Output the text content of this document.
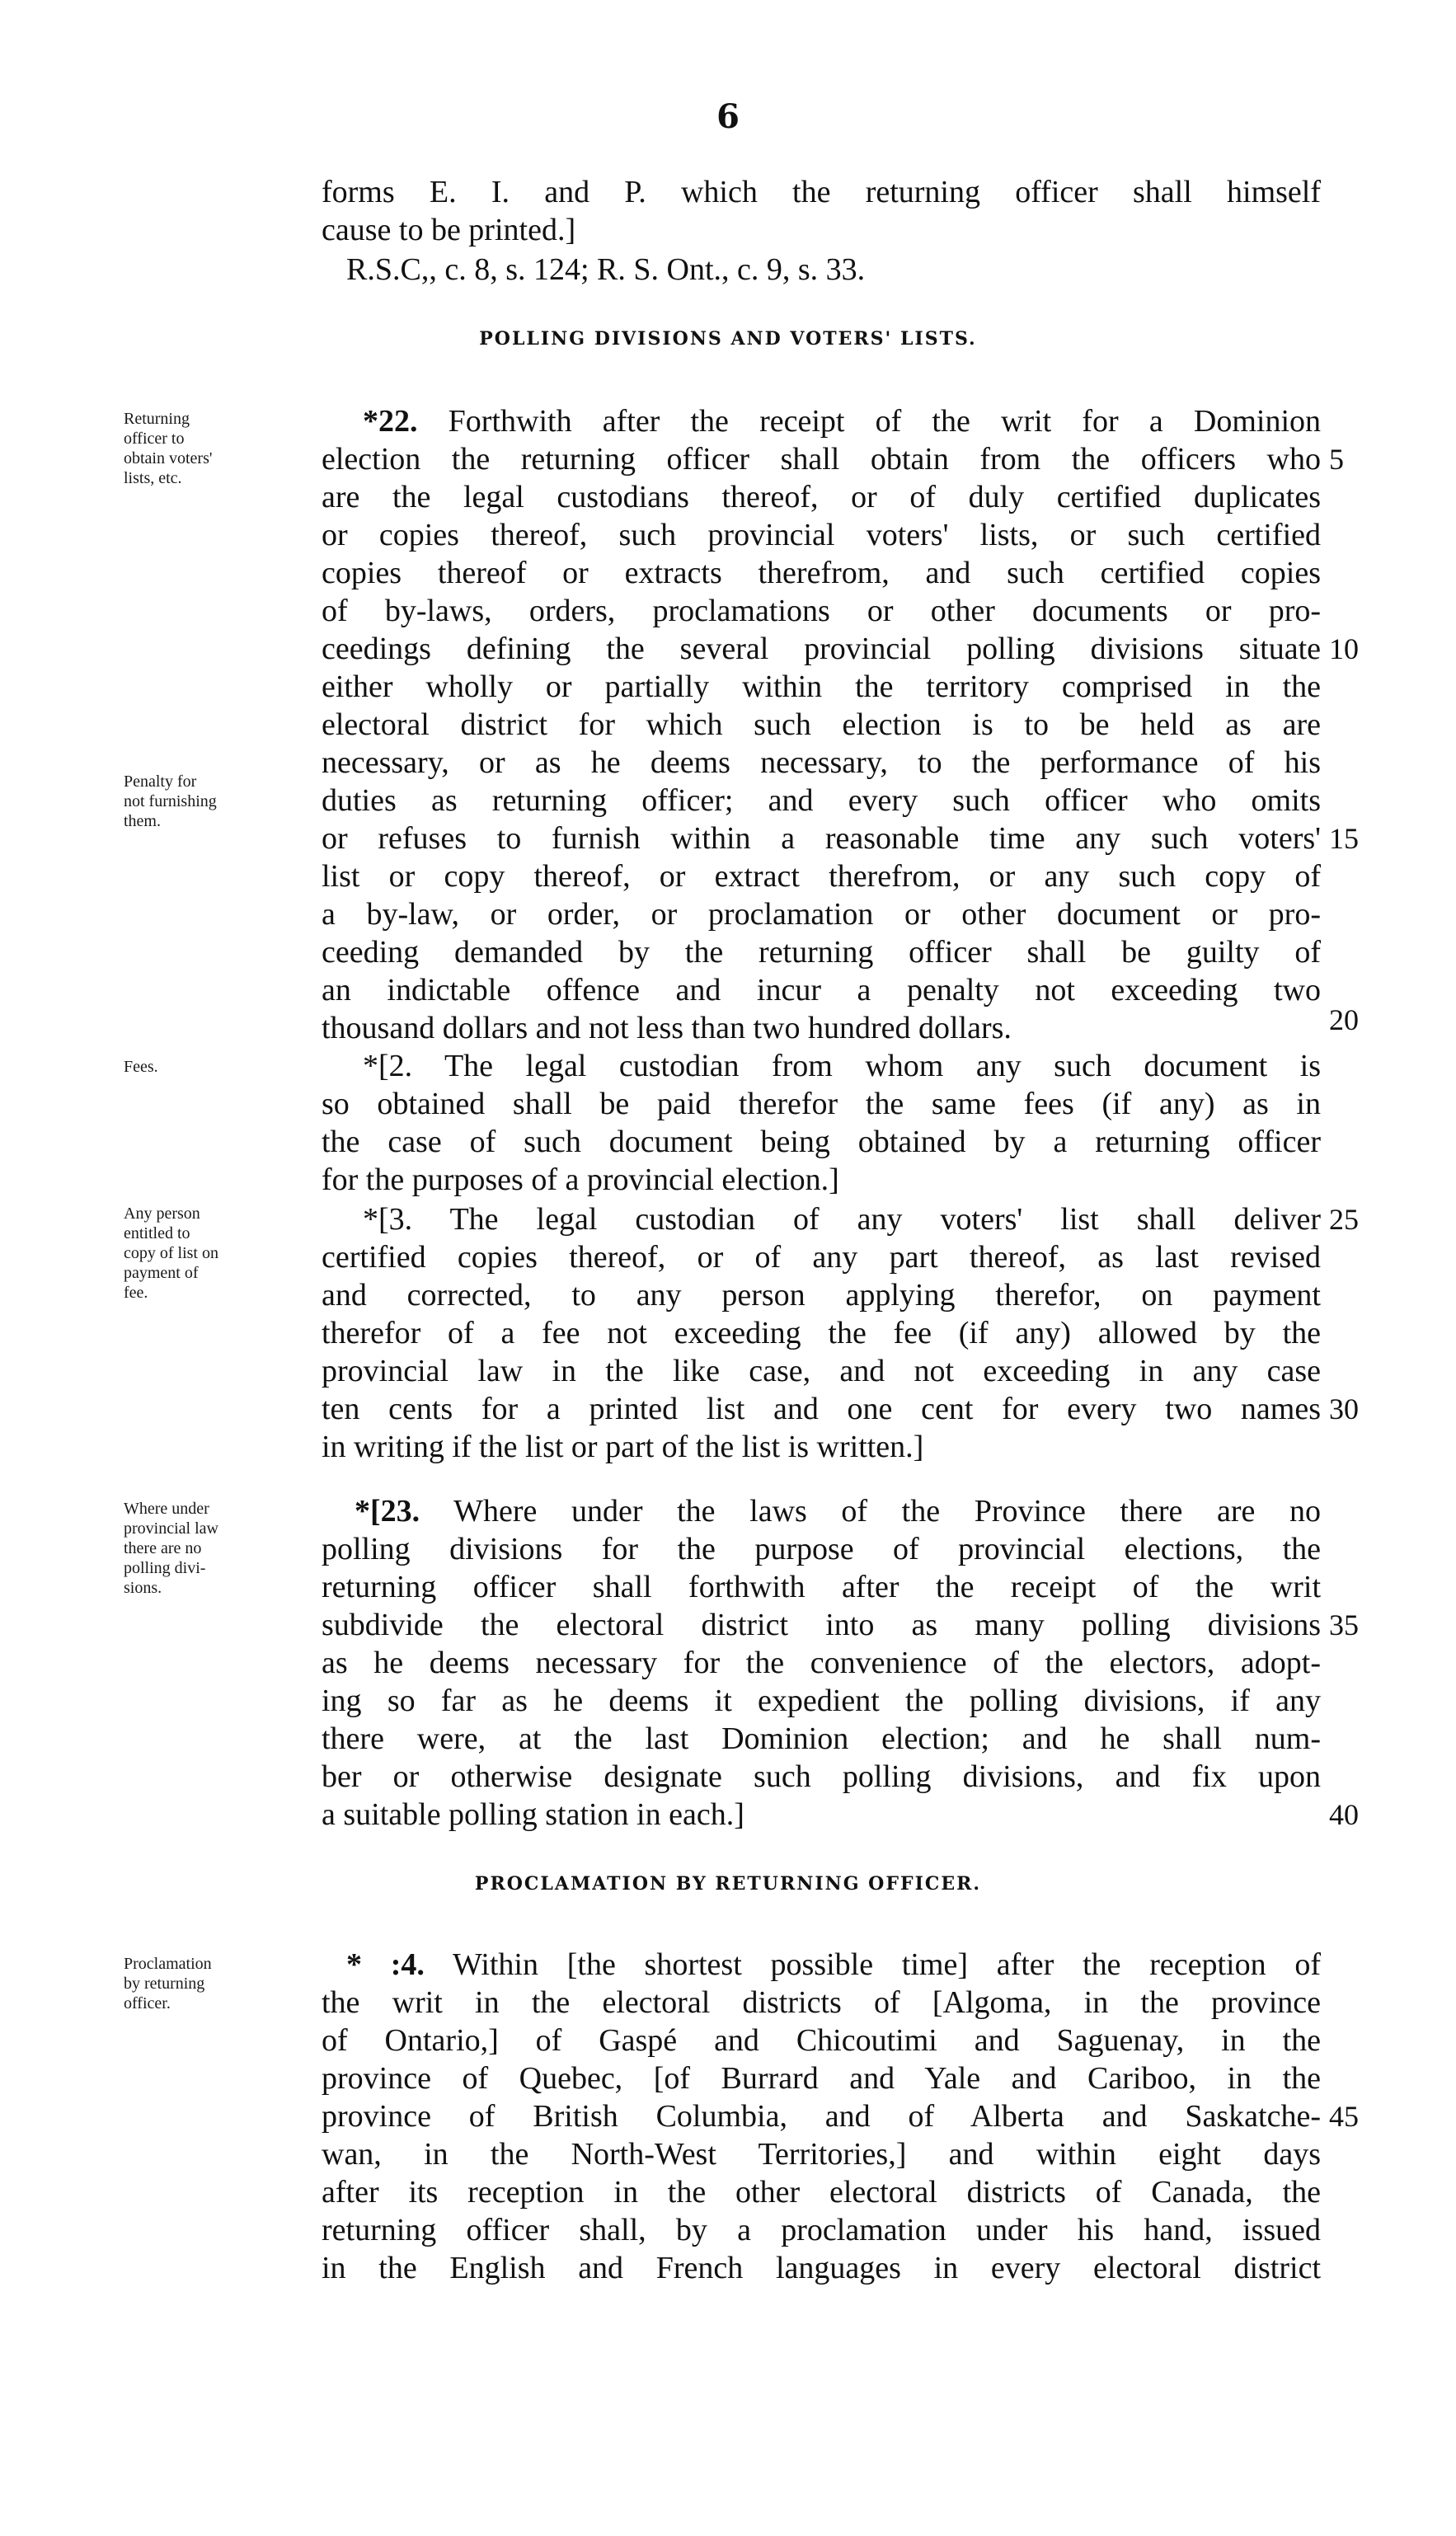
6
forms E. I. and P. which the returning officer shall himself
cause to be printed.]
R.S.C,, c. 8, s. 124; R. S. Ont., c. 9, s. 33.
POLLING DIVISIONS AND VOTERS' LISTS.
*22. Forthwith after the receipt of the writ for a Dominion
election the returning officer shall obtain from the officers who
are the legal custodians thereof, or of duly certified duplicates
or copies thereof, such provincial voters' lists, or such certified
copies thereof or extracts therefrom, and such certified copies
of by-laws, orders, proclamations or other documents or pro-
ceedings defining the several provincial polling divisions situate
either wholly or partially within the territory comprised in the
electoral district for which such election is to be held as are
necessary, or as he deems necessary, to the performance of his
duties as returning officer; and every such officer who omits
or refuses to furnish within a reasonable time any such voters'
list or copy thereof, or extract therefrom, or any such copy of
a by-law, or order, or proclamation or other document or pro-
ceeding demanded by the returning officer shall be guilty of
an indictable offence and incur a penalty not exceeding two
thousand dollars and not less than two hundred dollars.
*[2. The legal custodian from whom any such document is
so obtained shall be paid therefor the same fees (if any) as in
the case of such document being obtained by a returning officer
for the purposes of a provincial election.]
*[3. The legal custodian of any voters' list shall deliver
certified copies thereof, or of any part thereof, as last revised
and corrected, to any person applying therefor, on payment
therefor of a fee not exceeding the fee (if any) allowed by the
provincial law in the like case, and not exceeding in any case
ten cents for a printed list and one cent for every two names
in writing if the list or part of the list is written.]
*[23. Where under the laws of the Province there are no
polling divisions for the purpose of provincial elections, the
returning officer shall forthwith after the receipt of the writ
subdivide the electoral district into as many polling divisions
as he deems necessary for the convenience of the electors, adopt-
ing so far as he deems it expedient the polling divisions, if any
there were, at the last Dominion election; and he shall num-
ber or otherwise designate such polling divisions, and fix upon
a suitable polling station in each.]
PROCLAMATION BY RETURNING OFFICER.
* :4. Within [the shortest possible time] after the reception of
the writ in the electoral districts of [Algoma, in the province
of Ontario,] of Gaspé and Chicoutimi and Saguenay, in the
province of Quebec, [of Burrard and Yale and Cariboo, in the
province of British Columbia, and of Alberta and Saskatche-
wan, in the North-West Territories,] and within eight days
after its reception in the other electoral districts of Canada, the
returning officer shall, by a proclamation under his hand, issued
in the English and French languages in every electoral district
Returning
officer to
obtain voters'
lists, etc.
Penalty for
not furnishing
them.
Fees.
Any person
entitled to
copy of list on
payment of
fee.
Where under
provincial law
there are no
polling divi-
sions.
Proclamation
by returning
officer.
5
10
15
20
25
30
35
40
45
